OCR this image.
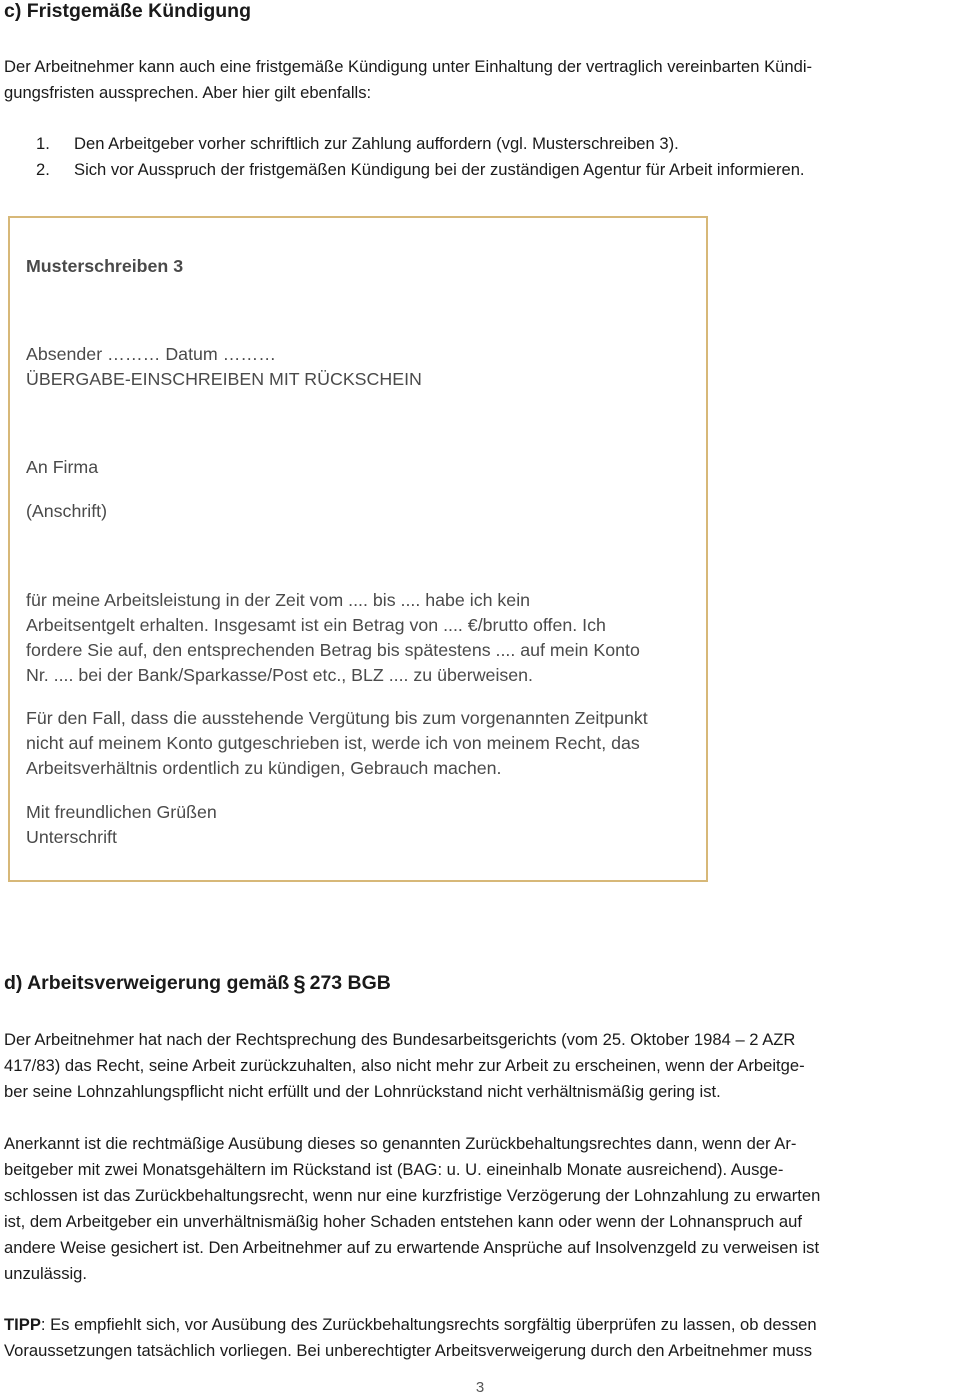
c) Fristgemäße Kündigung

Der Arbeitnehmer kann auch eine fristgemäße Kündigung unter Einhaltung der vertraglich vereinbarten Kündi-

gungsfristen aussprechen. Aber hier gilt ebenfalls:

1. Den Arbeitgeber vorher schriftlich zur Zahlung auffordern (vgl. Musterschreiben 3).
2. Sich vor Ausspruch der fristgemäßen Kündigung bei der zuständigen Agentur für Arbeit informieren.

Musterschreiben 3

Absender ……… Datum ………

ÜBERGABE-EINSCHREIBEN MIT RÜCKSCHEIN

An Firma

(Anschrift)

für meine Arbeitsleistung in der Zeit vom .... bis .... habe ich kein

Arbeitsentgelt erhalten. Insgesamt ist ein Betrag von .... €/brutto offen. Ich

fordere Sie auf, den entsprechenden Betrag bis spätestens .... auf mein Konto

Nr. .... bei der Bank/Sparkasse/Post etc., BLZ .... zu überweisen.

Für den Fall, dass die ausstehende Vergütung bis zum vorgenannten Zeitpunkt

nicht auf meinem Konto gutgeschrieben ist, werde ich von meinem Recht, das

Arbeitsverhältnis ordentlich zu kündigen, Gebrauch machen.

Mit freundlichen Grüßen

Unterschrift

d) Arbeitsverweigerung gemäß § 273 BGB

Der Arbeitnehmer hat nach der Rechtsprechung des Bundesarbeitsgerichts (vom 25. Oktober 1984 – 2 AZR

417/83) das Recht, seine Arbeit zurückzuhalten, also nicht mehr zur Arbeit zu erscheinen, wenn der Arbeitge-

ber seine Lohnzahlungspflicht nicht erfüllt und der Lohnrückstand nicht verhältnismäßig gering ist.

Anerkannt ist die rechtmäßige Ausübung dieses so genannten Zurückbehaltungsrechtes dann, wenn der Ar-

beitgeber mit zwei Monatsgehältern im Rückstand ist (BAG: u. U. eineinhalb Monate ausreichend). Ausge-

schlossen ist das Zurückbehaltungsrecht, wenn nur eine kurzfristige Verzögerung der Lohnzahlung zu erwarten

ist, dem Arbeitgeber ein unverhältnismäßig hoher Schaden entstehen kann oder wenn der Lohnanspruch auf

andere Weise gesichert ist. Den Arbeitnehmer auf zu erwartende Ansprüche auf Insolvenzgeld zu verweisen ist

unzulässig.

TIPP: Es empfiehlt sich, vor Ausübung des Zurückbehaltungsrechts sorgfältig überprüfen zu lassen, ob dessen

Voraussetzungen tatsächlich vorliegen. Bei unberechtigter Arbeitsverweigerung durch den Arbeitnehmer muss

3
